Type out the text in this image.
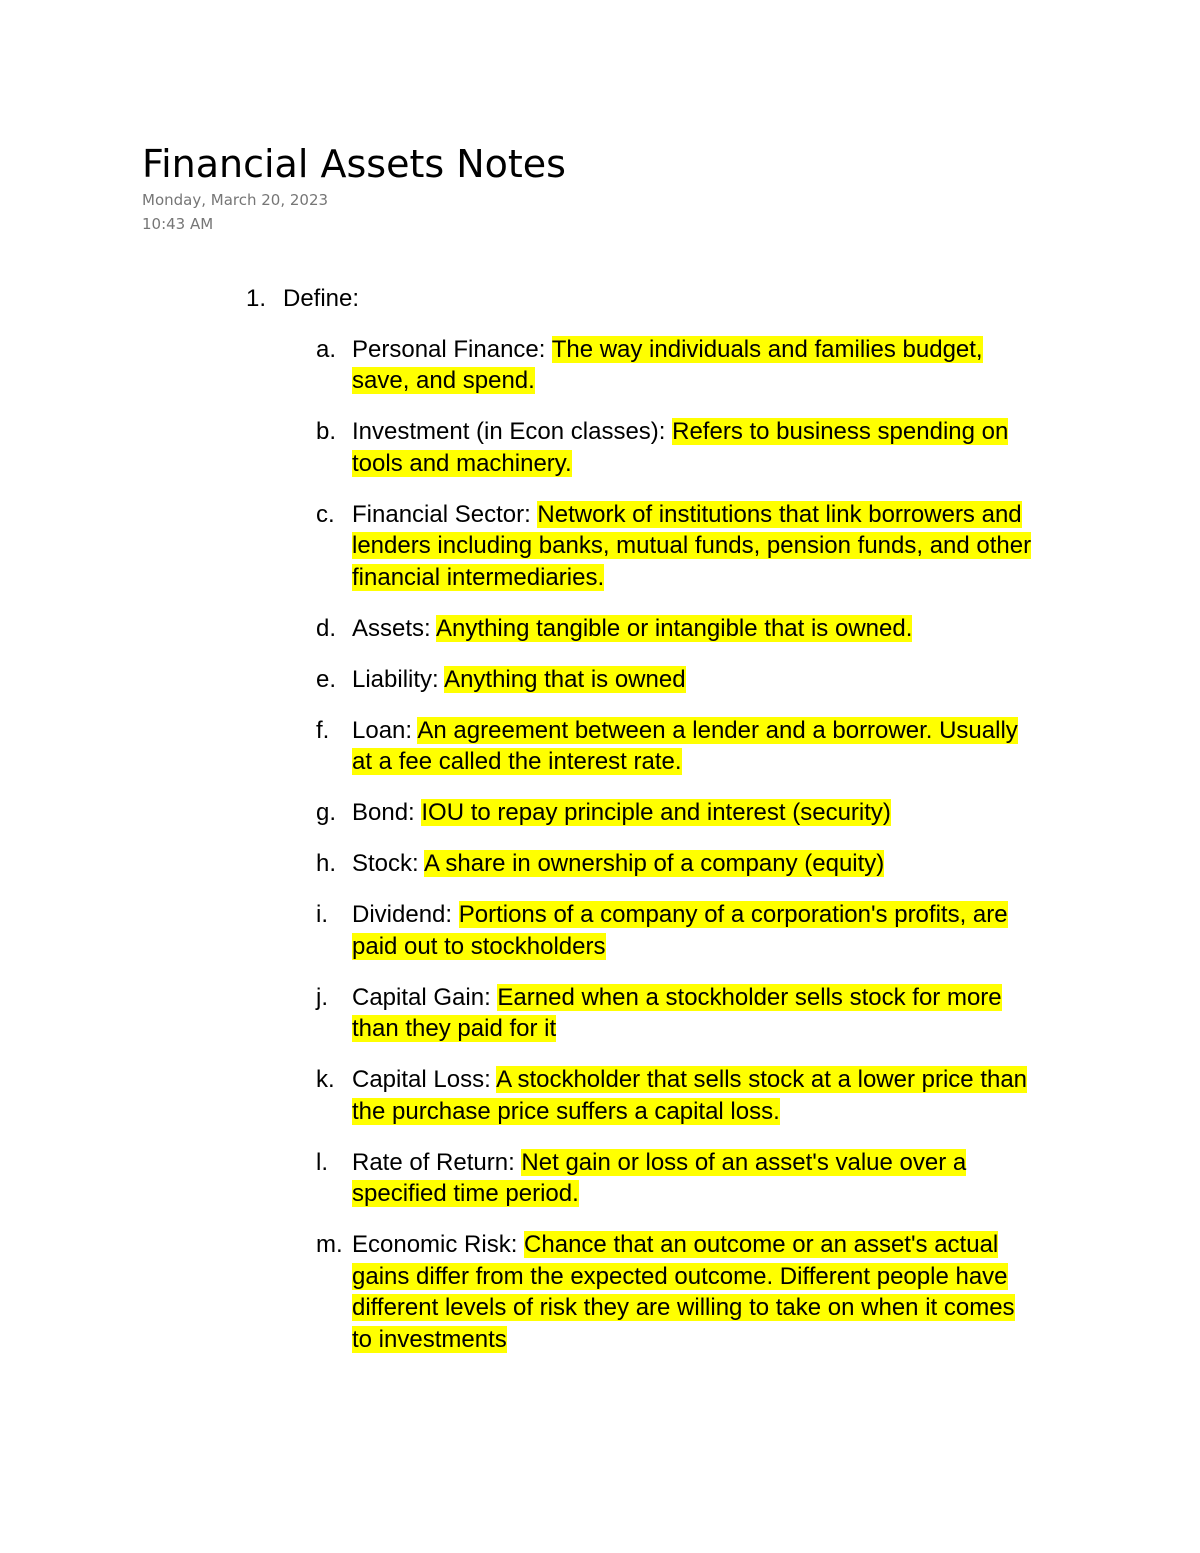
Financial Assets Notes
Monday, March 20, 2023
10:43 AM
1. Define:
a. Personal Finance: The way individuals and families budget, save, and spend.
b. Investment (in Econ classes): Refers to business spending on tools and machinery.
c. Financial Sector: Network of institutions that link borrowers and lenders including banks, mutual funds, pension funds, and other financial intermediaries.
d. Assets: Anything tangible or intangible that is owned.
e. Liability: Anything that is owned
f. Loan: An agreement between a lender and a borrower. Usually at a fee called the interest rate.
g. Bond: IOU to repay principle and interest (security)
h. Stock: A share in ownership of a company (equity)
i.	Dividend: Portions of a company of a corporation's profits, are paid out to stockholders
j.	Capital Gain: Earned when a stockholder sells stock for more than they paid for it
k. Capital Loss: A stockholder that sells stock at a lower price than the purchase price suffers a capital loss.
l.	Rate of Return: Net gain or loss of an asset's value over a specified time period.
m. Economic Risk: Chance that an outcome or an asset's actual gains differ from the expected outcome. Different people have different levels of risk they are willing to take on when it comes to investments
